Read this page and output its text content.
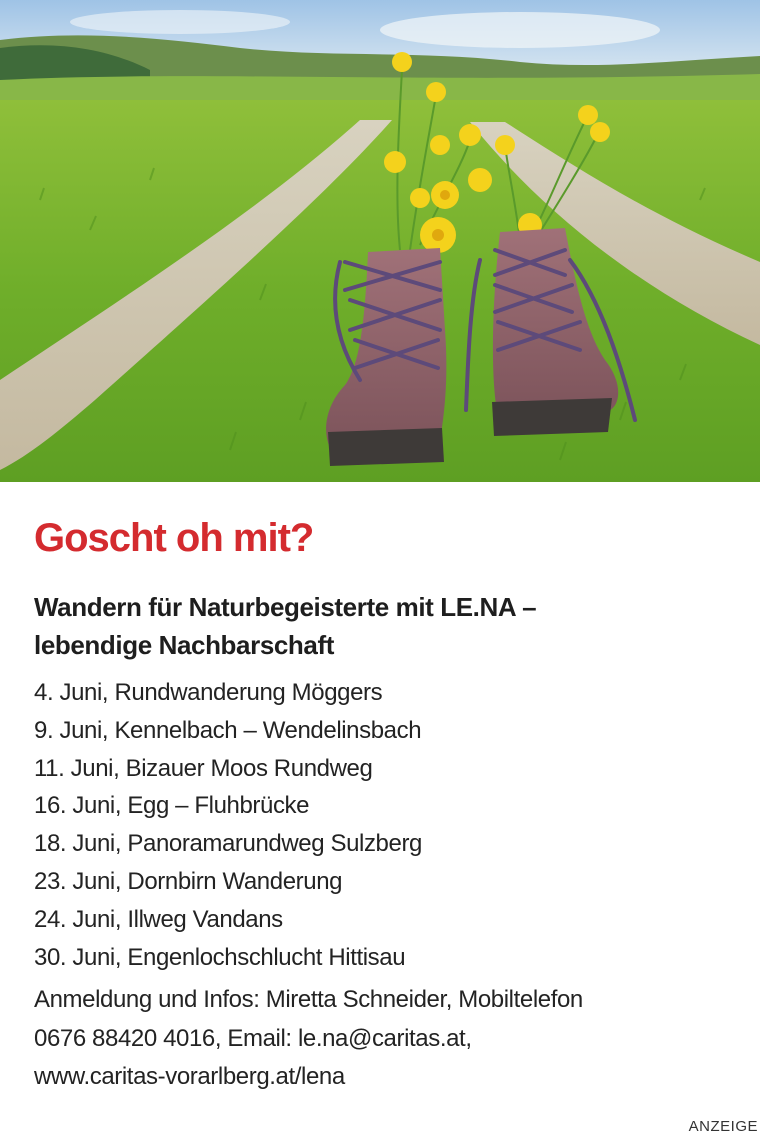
Goscht oh mit?
Wandern für Naturbegeisterte mit LE.NA –
lebendige Nachbarschaft
4. Juni, Rundwanderung Möggers
9. Juni, Kennelbach – Wendelinsbach
11. Juni, Bizauer Moos Rundweg
16. Juni, Egg – Fluhbrücke
18. Juni, Panoramarundweg Sulzberg
23. Juni, Dornbirn Wanderung
24. Juni, Illweg Vandans
30. Juni, Engenlochschlucht Hittisau

Anmeldung und Infos: Miretta Schneider, Mobiltelefon
0676 88420 4016, Email: le.na@caritas.at,
www.caritas-vorarlberg.at/lena

ANZEIGE
